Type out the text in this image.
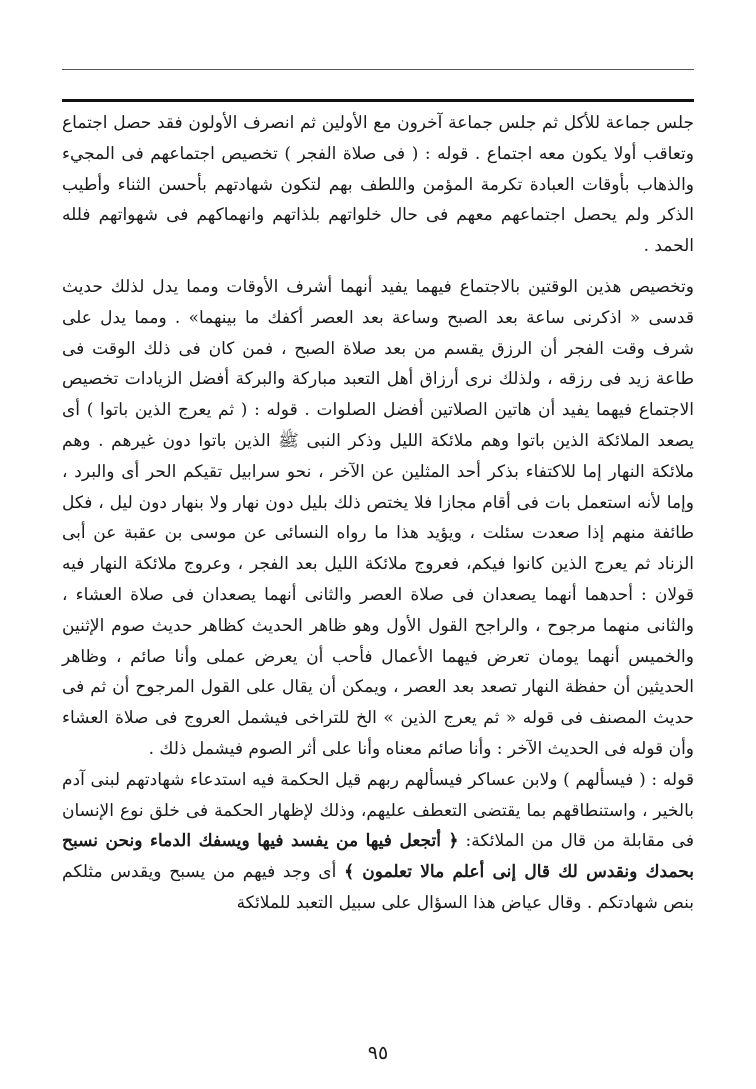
جلس جماعة للأكل ثم جلس جماعة آخرون مع الأولين ثم انصرف الأولون فقد حصل اجتماع وتعاقب أولا يكون معه اجتماع . قوله : ( فى صلاة الفجر ) تخصيص اجتماعهم فى المجيء والذهاب بأوقات العبادة تكرمة المؤمن واللطف بهم لتكون شهادتهم بأحسن الثناء وأطيب الذكر ولم يحصل اجتماعهم معهم فى حال خلواتهم بلذاتهم وانهماكهم فى شهواتهم فلله الحمد .

وتخصيص هذين الوقتين بالاجتماع فيهما يفيد أنهما أشرف الأوقات ومما يدل لذلك حديث قدسى « اذكرنى ساعة بعد الصبح وساعة بعد العصر أكفك ما بينهما» . ومما يدل على شرف وقت الفجر أن الرزق يقسم من بعد صلاة الصبح ، فمن كان فى ذلك الوقت فى طاعة زيد فى رزقه ، ولذلك نرى أرزاق أهل التعبد مباركة والبركة أفضل الزيادات تخصيص الاجتماع فيهما يفيد أن هاتين الصلاتين أفضل الصلوات . قوله : ( ثم يعرج الذين باتوا ) أى يصعد الملائكة الذين باتوا وهم ملائكة الليل وذكر النبى ﷺ الذين باتوا دون غيرهم . وهم ملائكة النهار إما للاكتفاء بذكر أحد المثلين عن الآخر ، نحو سرابيل تقيكم الحر أى والبرد ، وإما لأنه استعمل بات فى أقام مجازا فلا يختص ذلك بليل دون نهار ولا بنهار دون ليل ، فكل طائفة منهم إذا صعدت سئلت ، ويؤيد هذا ما رواه النسائى عن موسى بن عقبة عن أبى الزناد ثم يعرج الذين كانوا فيكم، فعروج ملائكة الليل بعد الفجر ، وعروج ملائكة النهار فيه قولان : أحدهما أنهما يصعدان فى صلاة العصر والثانى أنهما يصعدان فى صلاة العشاء ، والثانى منهما مرجوح ، والراجح القول الأول وهو ظاهر الحديث كظاهر حديث صوم الإثنين والخميس أنهما يومان تعرض فيهما الأعمال فأحب أن يعرض عملى وأنا صائم ، وظاهر الحديثين أن حفظة النهار تصعد بعد العصر ، ويمكن أن يقال على القول المرجوح أن ثم فى حديث المصنف فى قوله « ثم يعرج الذين » الخ للتراخى فيشمل العروج فى صلاة العشاء وأن قوله فى الحديث الآخر : وأنا صائم معناه وأنا على أثر الصوم فيشمل ذلك .

قوله : ( فيسألهم ) ولابن عساكر فيسألهم ربهم قيل الحكمة فيه استدعاء شهادتهم لبنى آدم بالخير ، واستنطاقهم بما يقتضى التعطف عليهم، وذلك لإظهار الحكمة فى خلق نوع الإنسان فى مقابلة من قال من الملائكة: ﴿ أتجعل فيها من يفسد فيها ويسفك الدماء ونحن نسبح بحمدك ونقدس لك قال إنى أعلم مالا تعلمون ﴾ أى وجد فيهم من يسبح ويقدس مثلكم بنص شهادتكم . وقال عياض هذا السؤال على سبيل التعبد للملائكة

٩٥
